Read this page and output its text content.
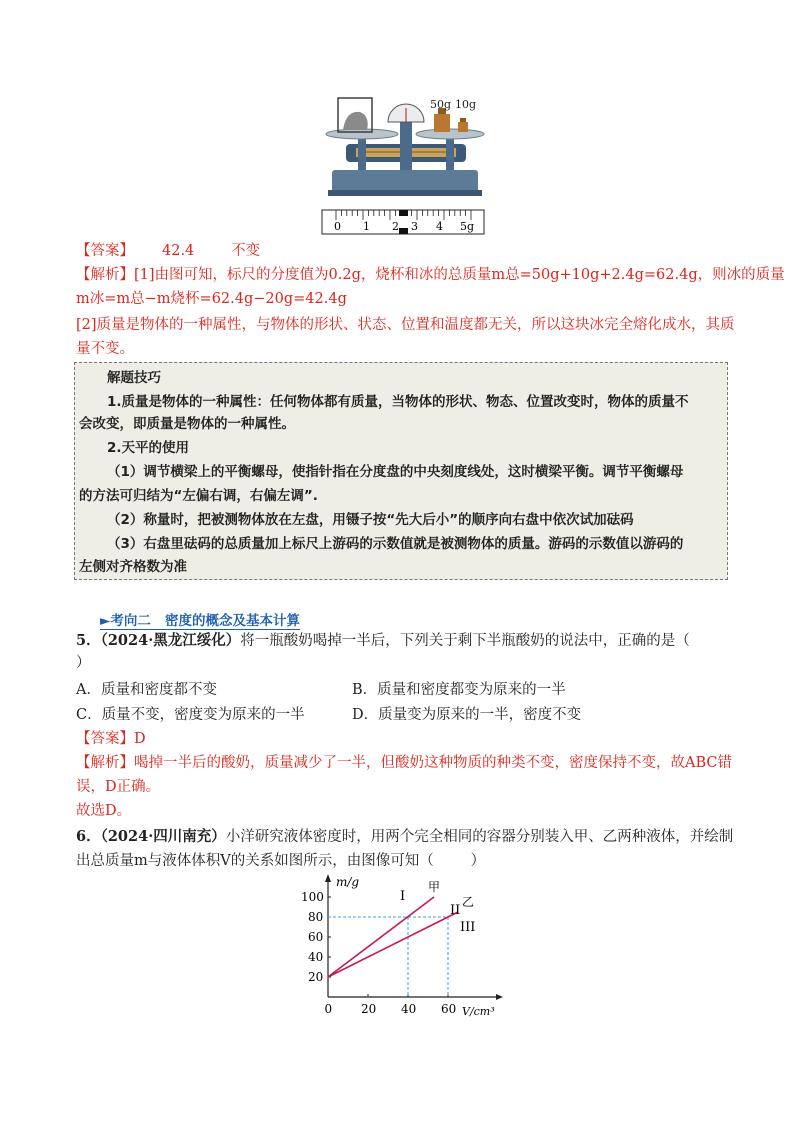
50g 10g
0 1 2 3 4 5g
【答案】 42.4        不变
【解析】[1]由图可知，标尺的分度值为0.2g，烧杯和冰的总质量m总=50g+10g+2.4g=62.4g，则冰的质量
m冰=m总−m烧杯=62.4g−20g=42.4g
[2]质量是物体的一种属性，与物体的形状、状态、位置和温度都无关，所以这块冰完全熔化成水，其质
量不变。
解题技巧
1.质量是物体的一种属性：任何物体都有质量，当物体的形状、物态、位置改变时，物体的质量不
会改变，即质量是物体的一种属性。
2.天平的使用
（1）调节横梁上的平衡螺母，使指针指在分度盘的中央刻度线处，这时横梁平衡。调节平衡螺母
的方法可归结为“左偏右调，右偏左调”.
（2）称量时，把被测物体放在左盘，用镊子按“先大后小”的顺序向右盘中依次试加砝码
（3）右盘里砝码的总质量加上标尺上游码的示数值就是被测物体的质量。游码的示数值以游码的
左侧对齐格数为准
►考向二   密度的概念及基本计算
5．（2024·黑龙江绥化）将一瓶酸奶喝掉一半后，下列关于剩下半瓶酸奶的说法中，正确的是（
）
A．质量和密度都不变	B．质量和密度都变为原来的一半
C．质量不变，密度变为原来的一半	D．质量变为原来的一半，密度不变
【答案】D
【解析】喝掉一半后的酸奶，质量减少了一半，但酸奶这种物质的种类不变，密度保持不变，故ABC错
误，D正确。
故选D。
6．（2024·四川南充）小洋研究液体密度时，用两个完全相同的容器分别装入甲、乙两种液体，并绘制
出总质量m与液体体积V的关系如图所示，由图像可知（        ）
0 20 40 60
20
40
60
80
100
甲
乙
I
II
III
m/g
V/cm³
